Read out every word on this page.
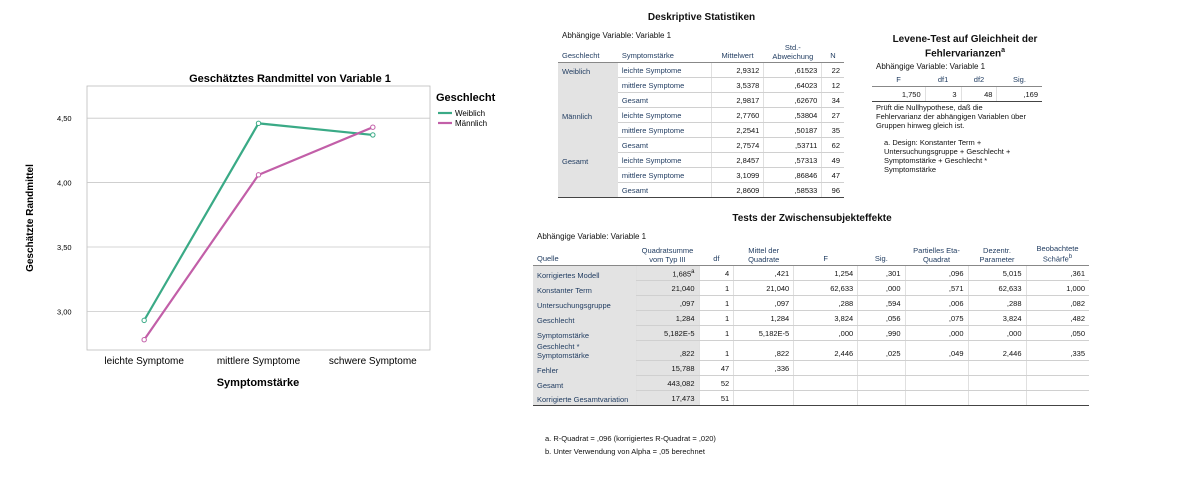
3,00
3,50
4,00
4,50
leichte Symptome	mittlere Symptome	schwere Symptome
Geschätztes Randmittel von Variable 1
Symptomstärke
Geschätzte Randmittel
Geschlecht
Weiblich
Männlich
Deskriptive Statistiken
Abhängige Variable: Variable 1
Geschlecht	Symptomstärke	Mittelwert	Std.-Abweichung	N
Weiblich	leichte Symptome	2,9312	,61523	22
	mittlere Symptome	3,5378	,64023	12
	Gesamt	2,9817	,62670	34
Männlich	leichte Symptome	2,7760	,53804	27
	mittlere Symptome	2,2541	,50187	35
	Gesamt	2,7574	,53711	62
Gesamt	leichte Symptome	2,8457	,57313	49
	mittlere Symptome	3,1099	,86846	47
	Gesamt	2,8609	,58533	96
Levene-Test auf Gleichheit der Fehlervarianzen$^a$
Abhängige Variable: Variable 1
F	df1	df2	Sig.
1,750	3	48	,169
Prüft die Nullhypothese, daß die Fehlervarianz der abhängigen Variablen über Gruppen hinweg gleich ist.
a. Design: Konstanter Term + Untersuchungsgruppe + Geschlecht + Symptomstärke + Geschlecht * Symptomstärke
Tests der Zwischensubjekteffekte
Abhängige Variable: Variable 1
Quelle	Quadratsumme vom Typ III	df	Mittel der Quadrate	F	Sig.	Partielles Eta-Quadrat	Dezentr. Parameter	Beobachtete Schärfe$^b$
Korrigiertes Modell	1,685$^a$	4	,421	1,254	,301	,096	5,015	,361
Konstanter Term	21,040	1	21,040	62,633	,000	,571	62,633	1,000
Untersuchungsgruppe	,097	1	,097	,288	,594	,006	,288	,082
Geschlecht	1,284	1	1,284	3,824	,056	,075	3,824	,482
Symptomstärke	5,182E-5	1	5,182E-5	,000	,990	,000	,000	,050
Geschlecht * Symptomstärke	,822	1	,822	2,446	,025	,049	2,446	,335
Fehler	15,788	47	,336					
Gesamt	443,082	52						
Korrigierte Gesamtvariation	17,473	51						
a. R-Quadrat = ,096 (korrigiertes R-Quadrat = ,020)
b. Unter Verwendung von Alpha = ,05 berechnet
